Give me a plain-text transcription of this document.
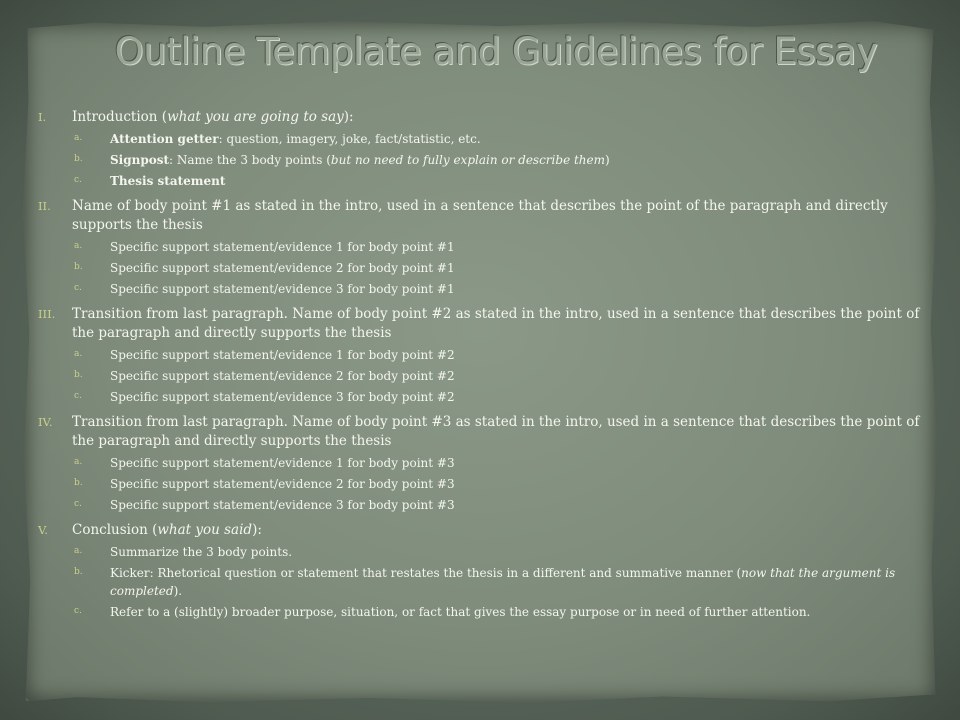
Outline Template and Guidelines for Essay
I. Introduction (what you are going to say):
a. Attention getter: question, imagery, joke, fact/statistic, etc.
b. Signpost: Name the 3 body points (but no need to fully explain or describe them)
c. Thesis statement
II. Name of body point #1 as stated in the intro, used in a sentence that describes the point of the paragraph and directly supports the thesis
a. Specific support statement/evidence 1 for body point #1
b. Specific support statement/evidence 2 for body point #1
c. Specific support statement/evidence 3 for body point #1
III. Transition from last paragraph. Name of body point #2 as stated in the intro, used in a sentence that describes the point of the paragraph and directly supports the thesis
a. Specific support statement/evidence 1 for body point #2
b. Specific support statement/evidence 2 for body point #2
c. Specific support statement/evidence 3 for body point #2
IV. Transition from last paragraph. Name of body point #3 as stated in the intro, used in a sentence that describes the point of the paragraph and directly supports the thesis
a. Specific support statement/evidence 1 for body point #3
b. Specific support statement/evidence 2 for body point #3
c. Specific support statement/evidence 3 for body point #3
V. Conclusion (what you said):
a. Summarize the 3 body points.
b. Kicker: Rhetorical question or statement that restates the thesis in a different and summative manner (now that the argument is completed).
c. Refer to a (slightly) broader purpose, situation, or fact that gives the essay purpose or in need of further attention.
